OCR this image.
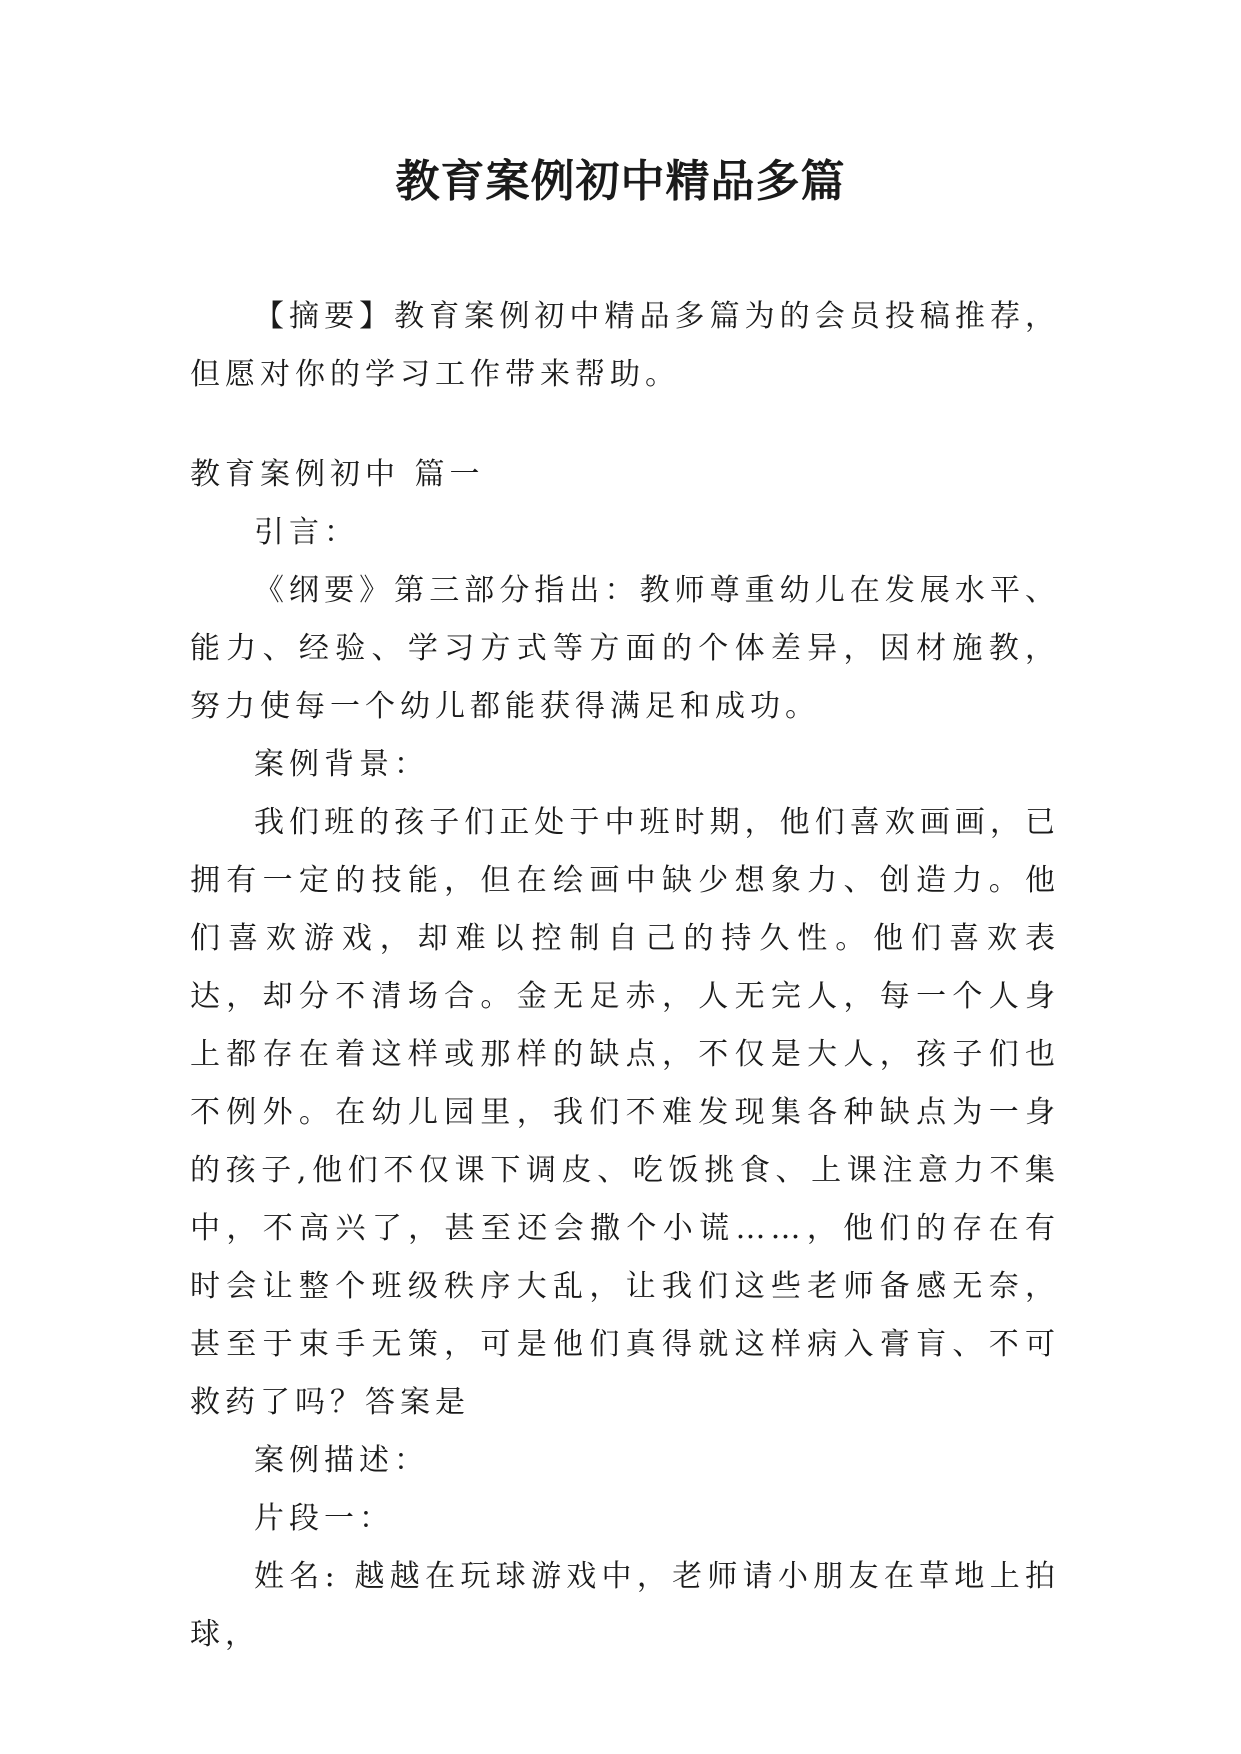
教育案例初中精品多篇

【摘要】教育案例初中精品多篇为的会员投稿推荐，但愿对你的学习工作带来帮助。

教育案例初中 篇一

引言：

《纲要》第三部分指出：教师尊重幼儿在发展水平、能力、经验、学习方式等方面的个体差异，因材施教，努力使每一个幼儿都能获得满足和成功。

案例背景：

我们班的孩子们正处于中班时期，他们喜欢画画，已拥有一定的技能，但在绘画中缺少想象力、创造力。他们喜欢游戏，却难以控制自己的持久性。他们喜欢表达，却分不清场合。金无足赤，人无完人，每一个人身上都存在着这样或那样的缺点，不仅是大人，孩子们也不例外。在幼儿园里，我们不难发现集各种缺点为一身的孩子,他们不仅课下调皮、吃饭挑食、上课注意力不集中，不高兴了，甚至还会撒个小谎……，他们的存在有时会让整个班级秩序大乱，让我们这些老师备感无奈，甚至于束手无策，可是他们真得就这样病入膏肓、不可救药了吗？答案是

案例描述：

片段一：

姓名: 越越在玩球游戏中，老师请小朋友在草地上拍球，
